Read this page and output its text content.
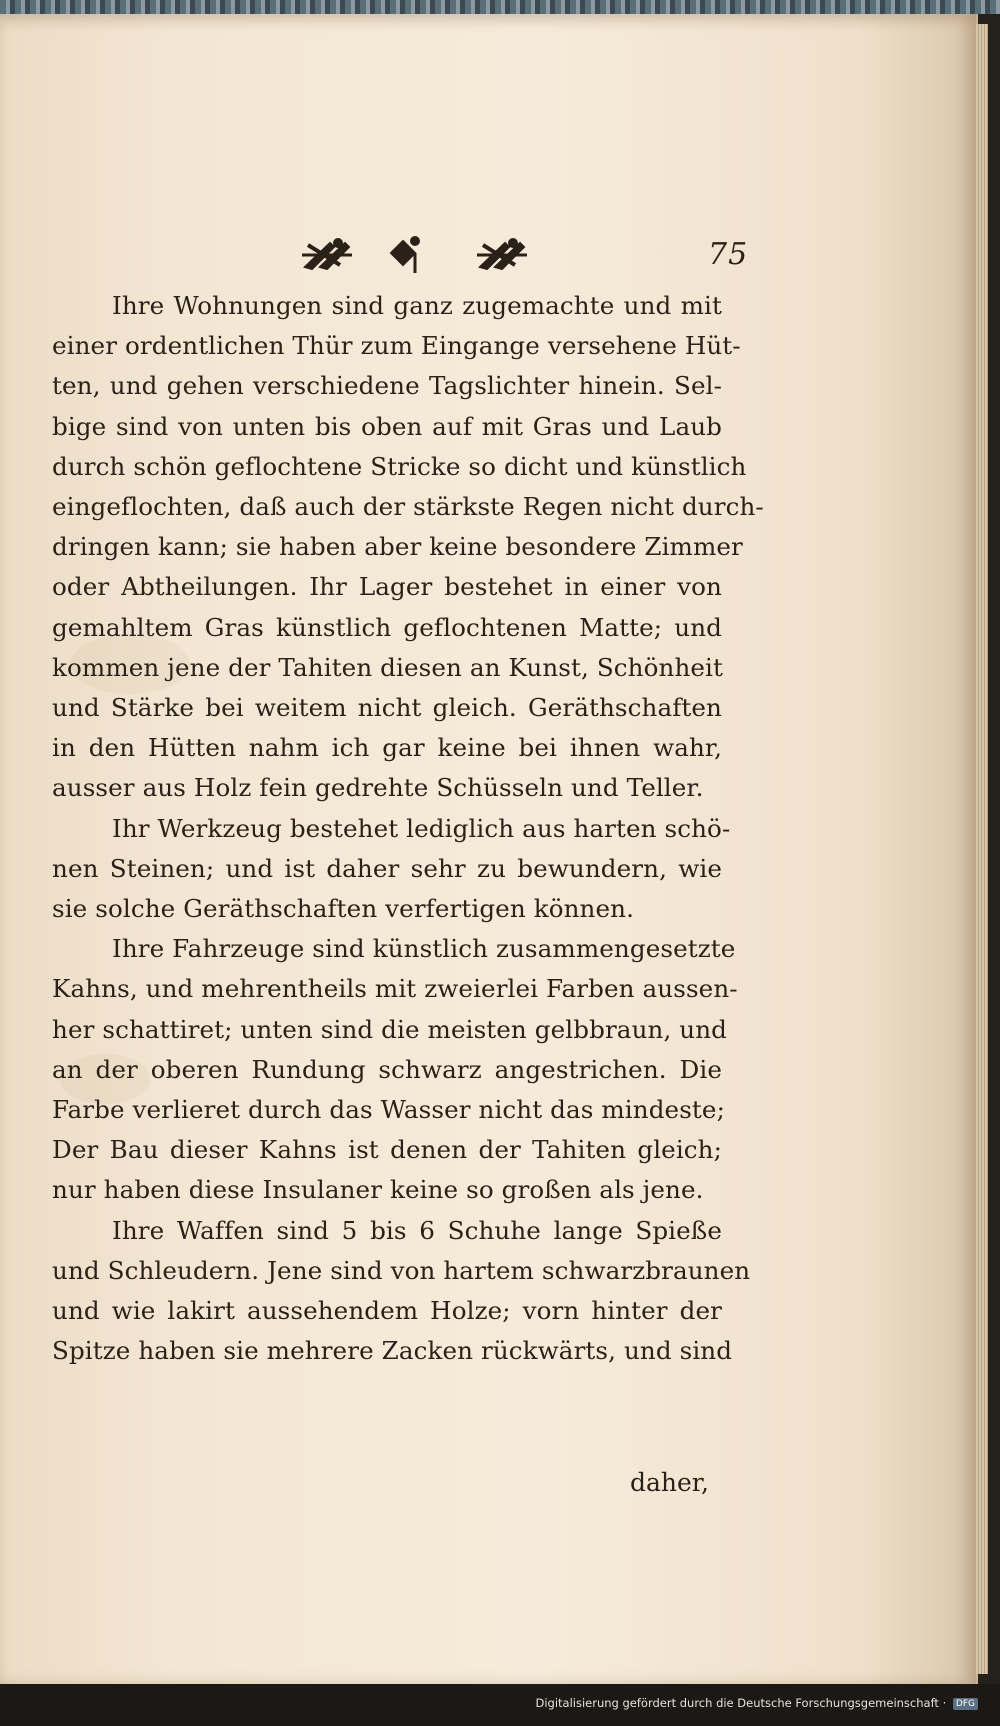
75
Ihre Wohnungen sind ganz zugemachte und mit
einer ordentlichen Thür zum Eingange versehene Hüt-
ten, und gehen verschiedene Tagslichter hinein. Sel-
bige sind von unten bis oben auf mit Gras und Laub
durch schön geflochtene Stricke so dicht und künstlich
eingeflochten, daß auch der stärkste Regen nicht durch-
dringen kann; sie haben aber keine besondere Zimmer
oder Abtheilungen. Ihr Lager bestehet in einer von
gemahltem Gras künstlich geflochtenen Matte; und
kommen jene der Tahiten diesen an Kunst, Schönheit
und Stärke bei weitem nicht gleich. Geräthschaften
in den Hütten nahm ich gar keine bei ihnen wahr,
ausser aus Holz fein gedrehte Schüsseln und Teller.
Ihr Werkzeug bestehet lediglich aus harten schö-
nen Steinen; und ist daher sehr zu bewundern, wie
sie solche Geräthschaften verfertigen können.
Ihre Fahrzeuge sind künstlich zusammengesetzte
Kahns, und mehrentheils mit zweierlei Farben aussen-
her schattiret; unten sind die meisten gelbbraun, und
an der oberen Rundung schwarz angestrichen. Die
Farbe verlieret durch das Wasser nicht das mindeste;
Der Bau dieser Kahns ist denen der Tahiten gleich;
nur haben diese Insulaner keine so großen als jene.
Ihre Waffen sind 5 bis 6 Schuhe lange Spieße
und Schleudern. Jene sind von hartem schwarzbraunen
und wie lakirt aussehendem Holze; vorn hinter der
Spitze haben sie mehrere Zacken rückwärts, und sind
daher,
Digitalisierung gefördert durch die Deutsche Forschungsgemeinschaft · DFG
